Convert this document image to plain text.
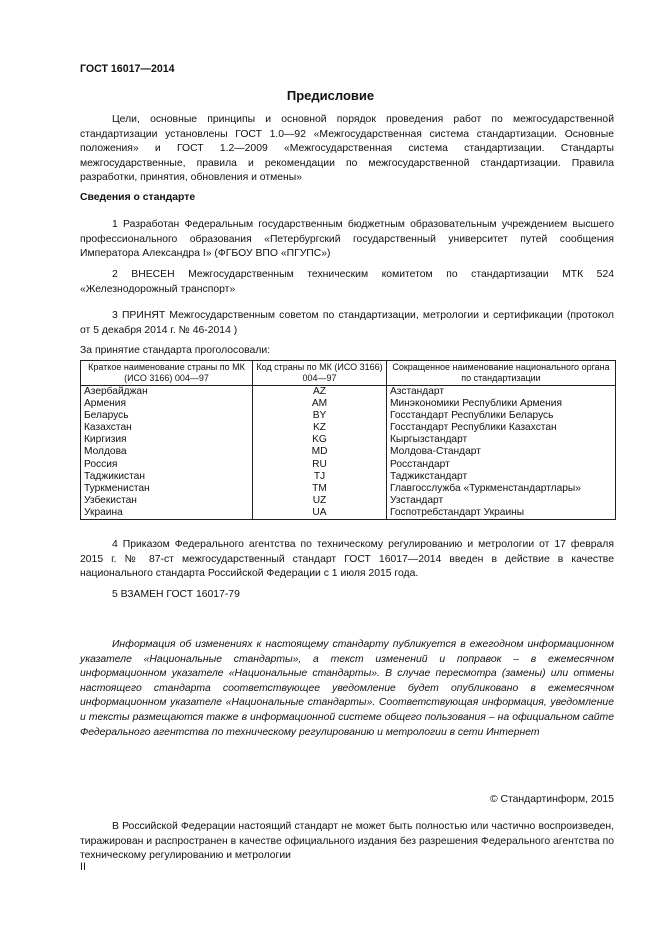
ГОСТ 16017—2014
Предисловие
Цели, основные принципы и основной порядок проведения работ по межгосударственной стандартизации установлены ГОСТ 1.0—92 «Межгосударственная система стандартизации. Основные положения» и ГОСТ 1.2—2009 «Межгосударственная система стандартизации. Стандарты межгосударственные, правила и рекомендации по межгосударственной стандартизации. Правила разработки, принятия, обновления и отмены»
Сведения о стандарте
1 Разработан Федеральным государственным бюджетным образовательным учреждением высшего профессионального образования «Петербургский государственный университет путей сообщения Императора Александра I» (ФГБОУ ВПО «ПГУПС»)
2 ВНЕСЕН Межгосударственным техническим комитетом по стандартизации МТК 524 «Железнодорожный транспорт»
3 ПРИНЯТ Межгосударственным советом по стандартизации, метрологии и сертификации (протокол от 5 декабря 2014 г. № 46-2014 )
За принятие стандарта проголосовали:
Краткое наименование страны по МК (ИСО 3166) 004—97	Код страны по МК (ИСО 3166) 004—97	Сокращенное наименование национального органа по стандартизации
Азербайджан	AZ	Азстандарт
Армения	AM	Минэкономики Республики Армения
Беларусь	BY	Госстандарт Республики Беларусь
Казахстан	KZ	Госстандарт Республики Казахстан
Киргизия	KG	Кыргызстандарт
Молдова	MD	Молдова-Стандарт
Россия	RU	Росстандарт
Таджикистан	TJ	Таджикстандарт
Туркменистан	TM	Главгосслужба «Туркменстандартлары»
Узбекистан	UZ	Узстандарт
Украина	UA	Госпотребстандарт Украины
4 Приказом Федерального агентства по техническому регулированию и метрологии от 17 февраля 2015 г. № 87-ст межгосударственный стандарт ГОСТ 16017—2014 введен в действие в качестве национального стандарта Российской Федерации с 1 июля 2015 года.
5 ВЗАМЕН ГОСТ 16017-79
Информация об изменениях к настоящему стандарту публикуется в ежегодном информационном указателе «Национальные стандарты», а текст изменений и поправок – в ежемесячном информационном указателе «Национальные стандарты». В случае пересмотра (замены) или отмены настоящего стандарта соответствующее уведомление будет опубликовано в ежемесячном информационном указателе «Национальные стандарты». Соответствующая информация, уведомление и тексты размещаются также в информационной системе общего пользования – на официальном сайте Федерального агентства по техническому регулированию и метрологии в сети Интернет
© Стандартинформ, 2015
В Российской Федерации настоящий стандарт не может быть полностью или частично воспроизведен, тиражирован и распространен в качестве официального издания без разрешения Федерального агентства по техническому регулированию и метрологии
II
